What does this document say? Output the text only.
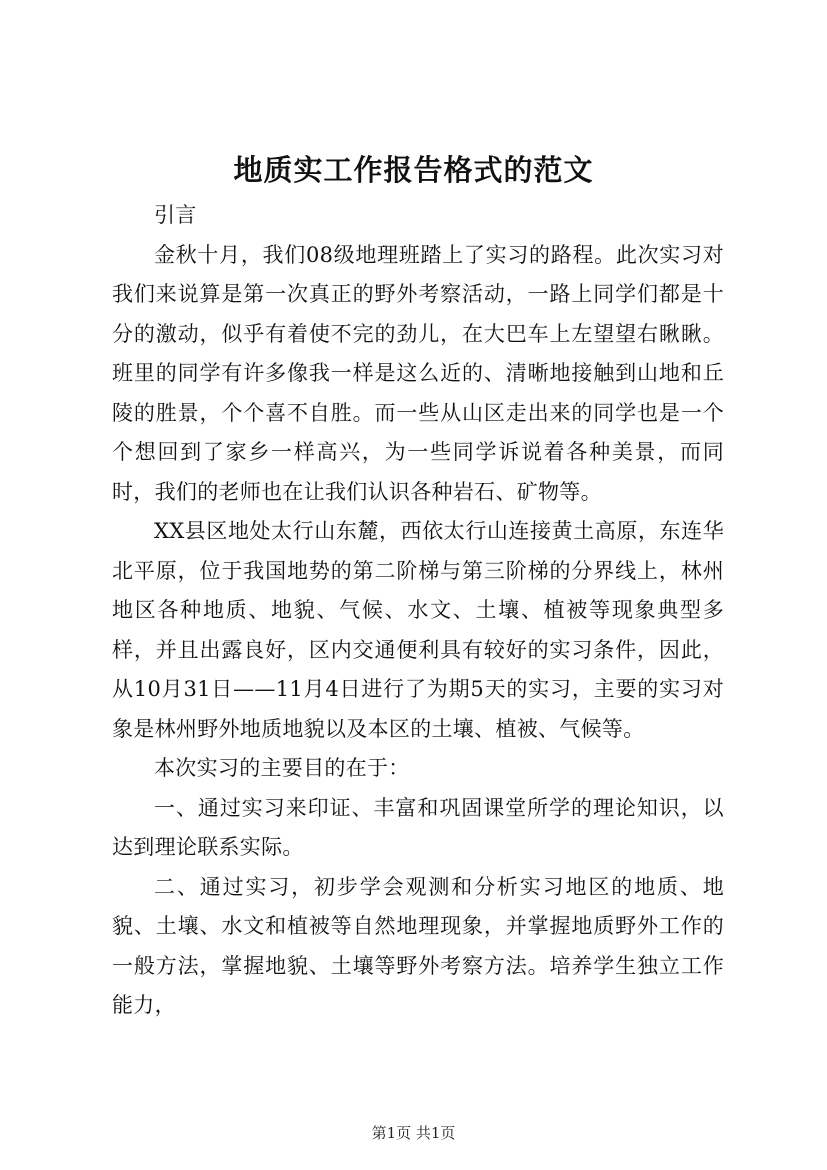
地质实工作报告格式的范文

引言

金秋十月，我们08级地理班踏上了实习的路程。此次实习对我们来说算是第一次真正的野外考察活动，一路上同学们都是十分的激动，似乎有着使不完的劲儿，在大巴车上左望望右瞅瞅。班里的同学有许多像我一样是这么近的、清晰地接触到山地和丘陵的胜景，个个喜不自胜。而一些从山区走出来的同学也是一个个想回到了家乡一样高兴，为一些同学诉说着各种美景，而同时，我们的老师也在让我们认识各种岩石、矿物等。

XX县区地处太行山东麓，西依太行山连接黄土高原，东连华北平原，位于我国地势的第二阶梯与第三阶梯的分界线上，林州地区各种地质、地貌、气候、水文、土壤、植被等现象典型多样，并且出露良好，区内交通便利具有较好的实习条件，因此，从10月31日——11月4日进行了为期5天的实习，主要的实习对象是林州野外地质地貌以及本区的土壤、植被、气候等。

本次实习的主要目的在于：

一、通过实习来印证、丰富和巩固课堂所学的理论知识，以达到理论联系实际。

二、通过实习，初步学会观测和分析实习地区的地质、地貌、土壤、水文和植被等自然地理现象，并掌握地质野外工作的一般方法，掌握地貌、土壤等野外考察方法。培养学生独立工作能力，

第1页 共1页
